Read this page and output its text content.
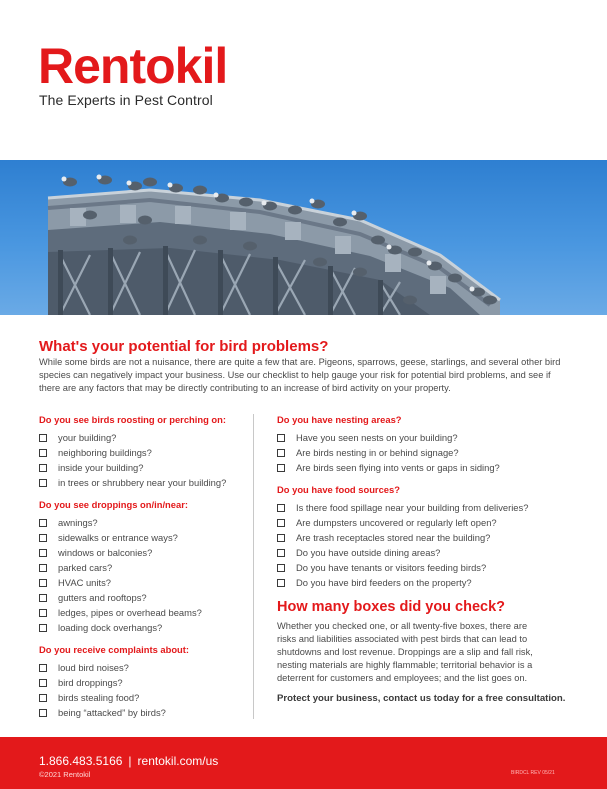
Rentokil
The Experts in Pest Control
What's your potential for bird problems?
While some birds are not a nuisance, there are quite a few that are. Pigeons, sparrows, geese, starlings, and several other bird species can negatively impact your business. Use our checklist to help gauge your risk for potential bird problems, and see if there are any factors that may be directly contributing to an increase of bird activity on your property.
Do you see birds roosting or perching on:
your building?
neighboring buildings?
inside your building?
in trees or shrubbery near your building?
Do you see droppings on/in/near:
awnings?
sidewalks or entrance ways?
windows or balconies?
parked cars?
HVAC units?
gutters and rooftops?
ledges, pipes or overhead beams?
loading dock overhangs?
Do you receive complaints about:
loud bird noises?
bird droppings?
birds stealing food?
being “attacked” by birds?
Do you have nesting areas?
Have you seen nests on your building?
Are birds nesting in or behind signage?
Are birds seen flying into vents or gaps in siding?
Do you have food sources?
Is there food spillage near your building from deliveries?
Are dumpsters uncovered or regularly left open?
Are trash receptacles stored near the building?
Do you have outside dining areas?
Do you have tenants or visitors feeding birds?
Do you have bird feeders on the property?
How many boxes did you check?
Whether you checked one, or all twenty-five boxes, there are risks and liabilities associated with pest birds that can lead to shutdowns and lost revenue. Droppings are a slip and fall risk, nesting materials are highly flammable; territorial behavior is a deterrent for customers and employees; and the list goes on.
Protect your business, contact us today for a free consultation.
1.866.483.5166 | rentokil.com/us
©2021 Rentokil	BIRDCL REV 05/21
